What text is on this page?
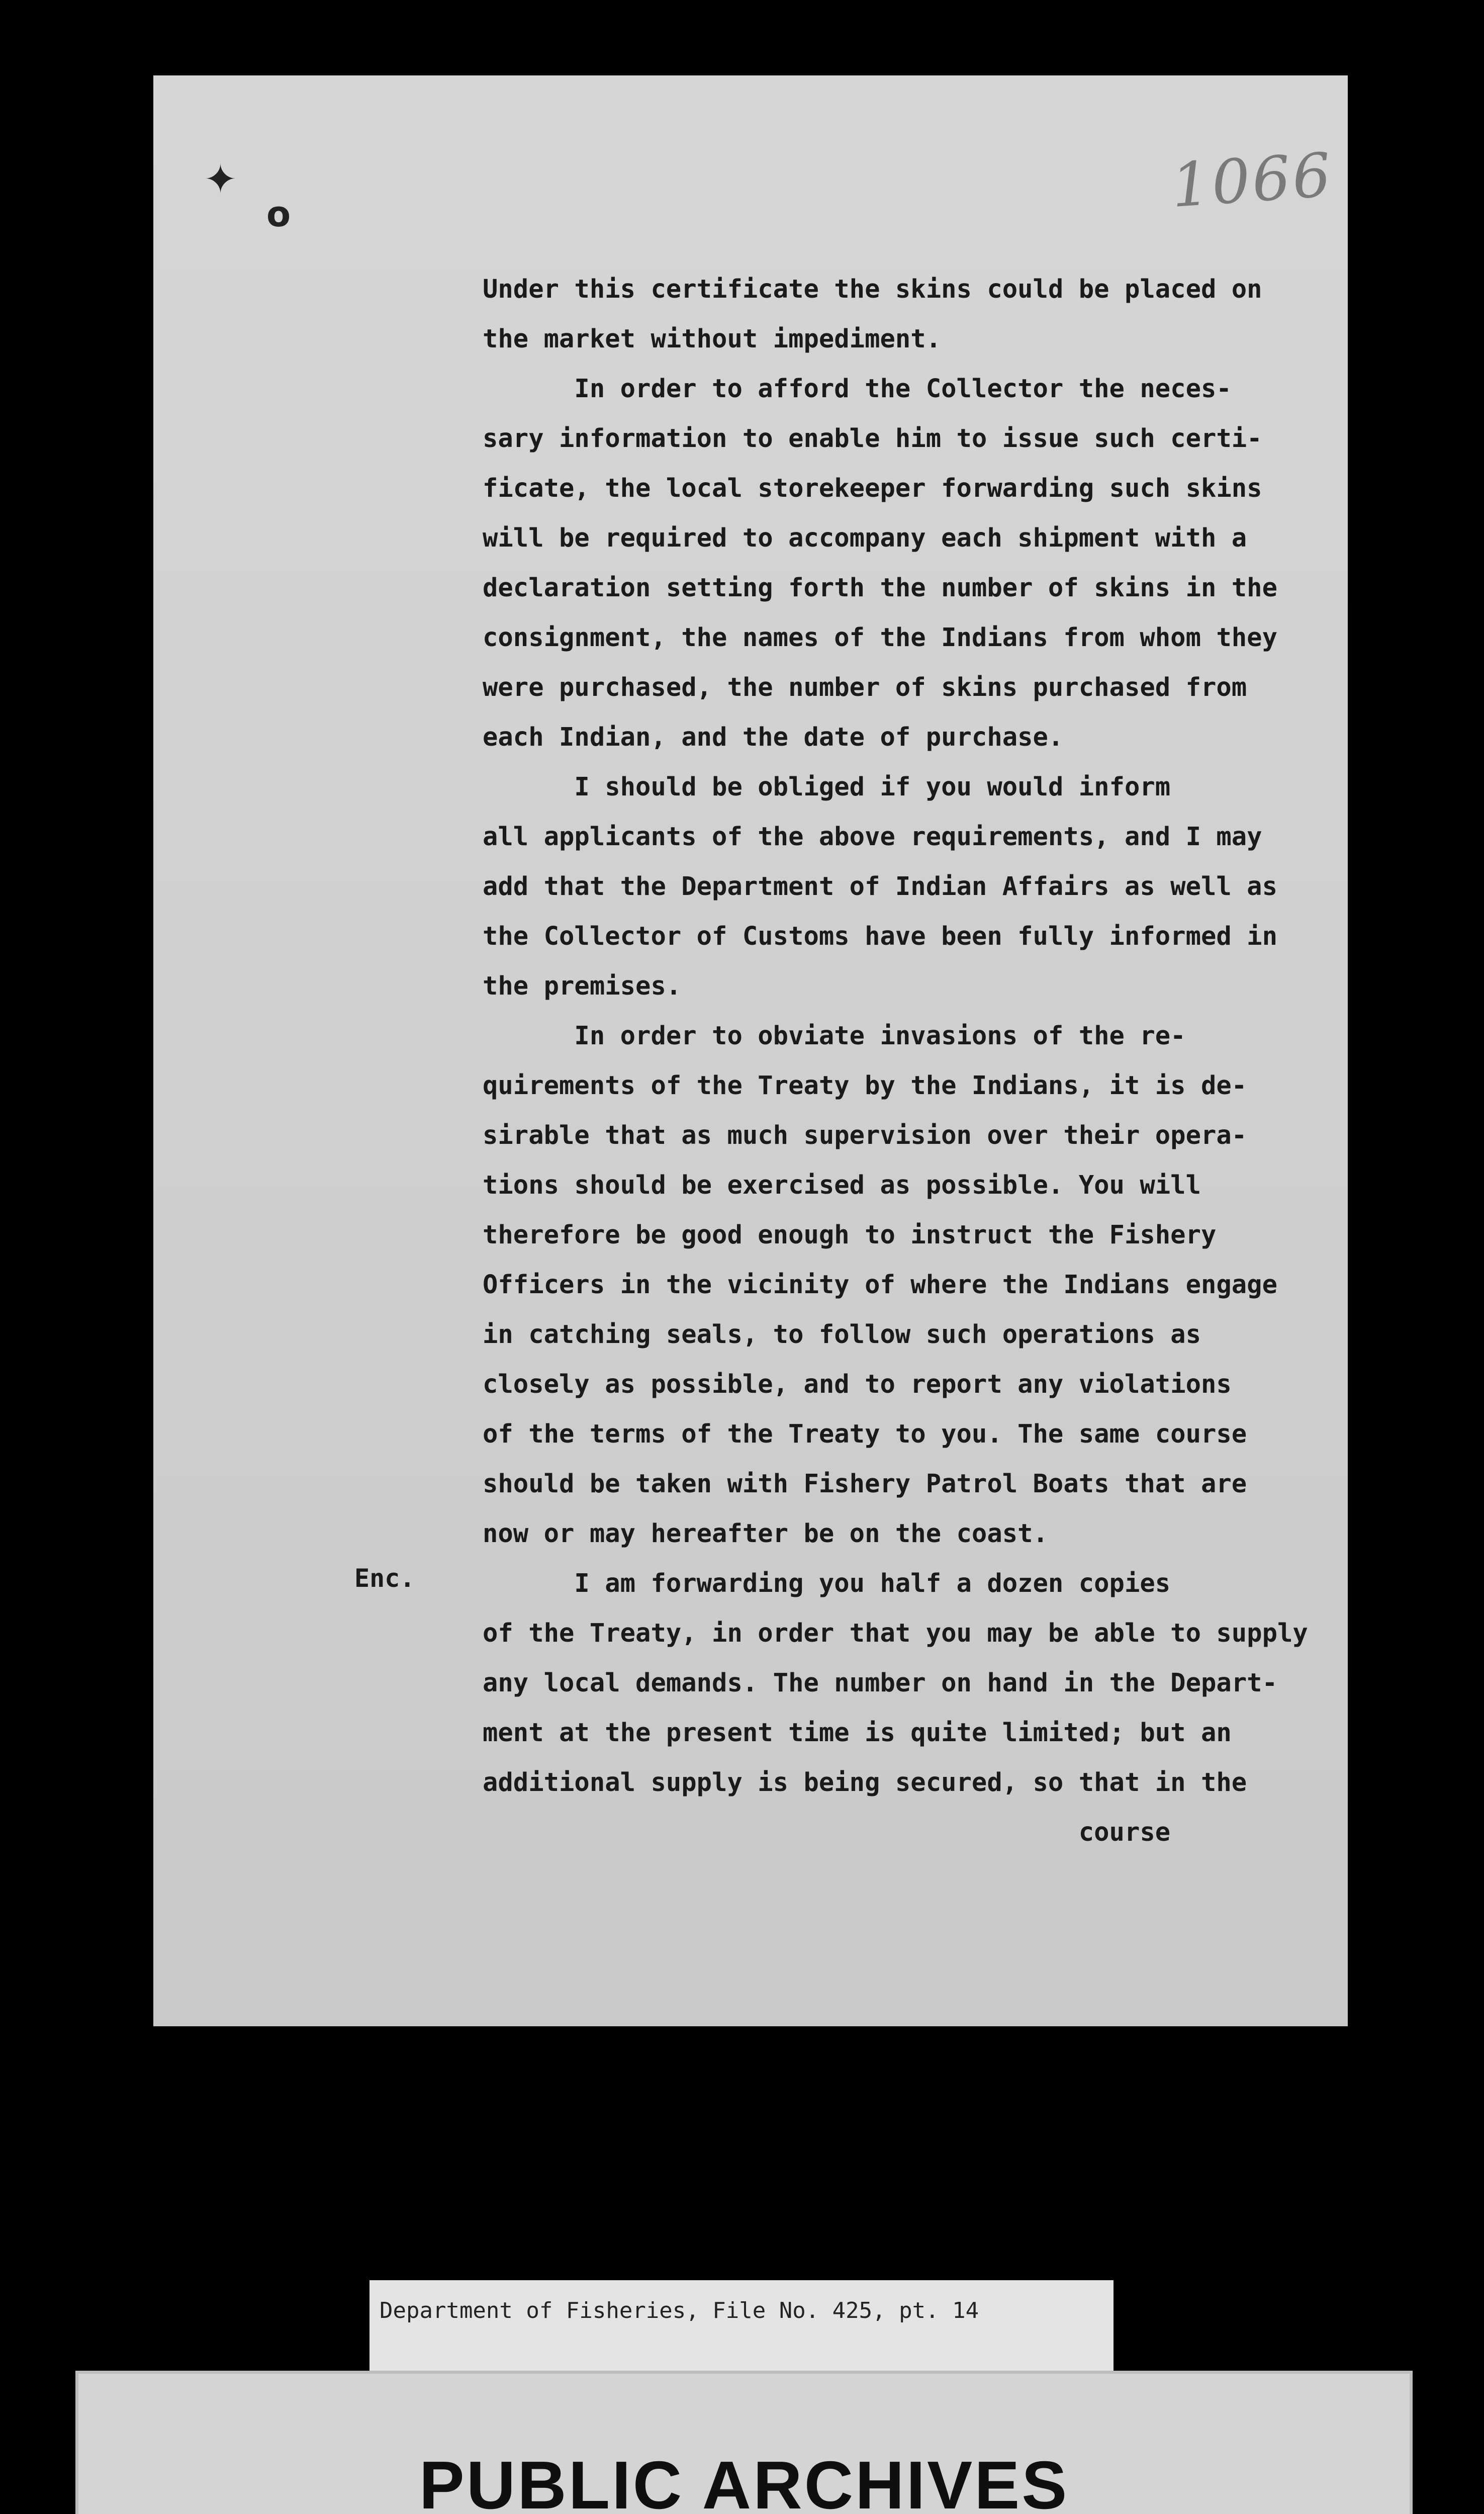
✦
o	1066
Under this certificate the skins could be placed on
the market without impediment.
In order to afford the Collector the neces-
sary information to enable him to issue such certi-
ficate, the local storekeeper forwarding such skins
will be required to accompany each shipment with a
declaration setting forth the number of skins in the
consignment, the names of the Indians from whom they
were purchased, the number of skins purchased from
each Indian, and the date of purchase.
I should be obliged if you would inform
all applicants of the above requirements, and I may
add that the Department of Indian Affairs as well as
the Collector of Customs have been fully informed in
the premises.
In order to obviate invasions of the re-
quirements of the Treaty by the Indians, it is de-
sirable that as much supervision over their opera-
tions should be exercised as possible. You will
therefore be good enough to instruct the Fishery
Officers in the vicinity of where the Indians engage
in catching seals, to follow such operations as
closely as possible, and to report any violations
of the terms of the Treaty to you. The same course
should be taken with Fishery Patrol Boats that are
now or may hereafter be on the coast.
I am forwarding you half a dozen copies
of the Treaty, in order that you may be able to supply
any local demands. The number on hand in the Depart-
ment at the present time is quite limited; but an
additional supply is being secured, so that in the
course
Enc.
Department of Fisheries, File No. 425, pt. 14
PUBLIC ARCHIVES
